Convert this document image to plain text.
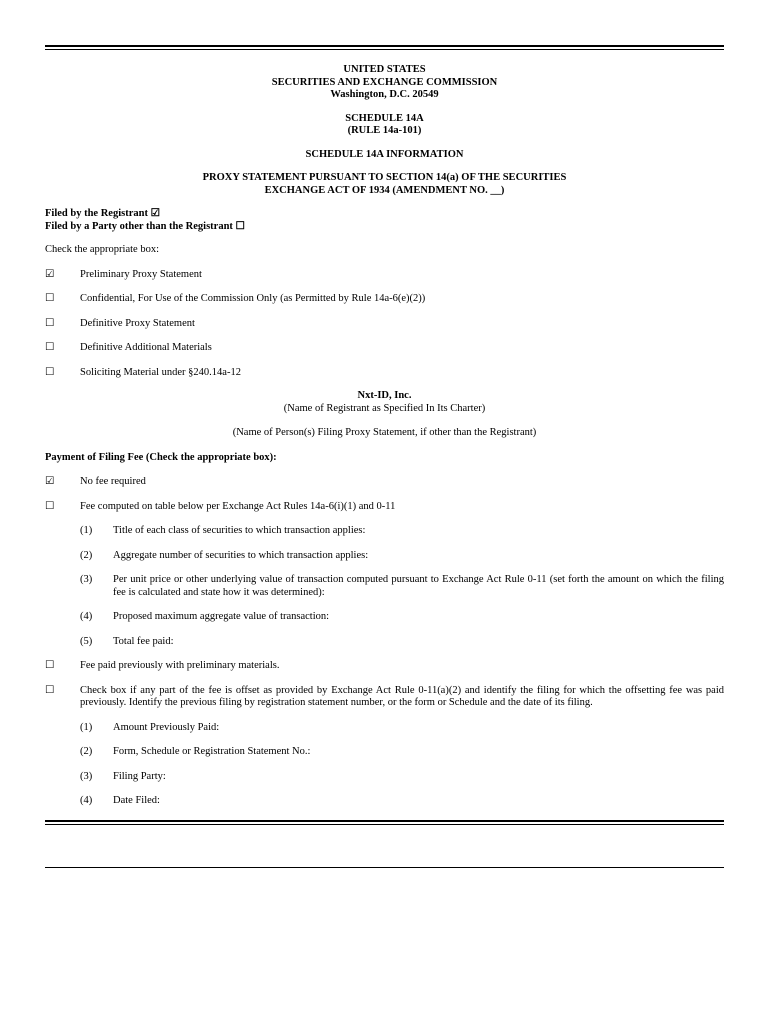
UNITED STATES
SECURITIES AND EXCHANGE COMMISSION
Washington, D.C. 20549
SCHEDULE 14A
(RULE 14a-101)
SCHEDULE 14A INFORMATION
PROXY STATEMENT PURSUANT TO SECTION 14(a) OF THE SECURITIES
EXCHANGE ACT OF 1934 (AMENDMENT NO. __)
Filed by the Registrant ☑
Filed by a Party other than the Registrant ☐
Check the appropriate box:
☑	Preliminary Proxy Statement
☐	Confidential, For Use of the Commission Only (as Permitted by Rule 14a-6(e)(2))
☐	Definitive Proxy Statement
☐	Definitive Additional Materials
☐	Soliciting Material under §240.14a-12
Nxt-ID, Inc.
(Name of Registrant as Specified In Its Charter)
(Name of Person(s) Filing Proxy Statement, if other than the Registrant)
Payment of Filing Fee (Check the appropriate box):
☑	No fee required
☐	Fee computed on table below per Exchange Act Rules 14a-6(i)(1) and 0-11
(1) Title of each class of securities to which transaction applies:
(2) Aggregate number of securities to which transaction applies:
(3) Per unit price or other underlying value of transaction computed pursuant to Exchange Act Rule 0-11 (set forth the amount on which the filing fee is calculated and state how it was determined):
(4) Proposed maximum aggregate value of transaction:
(5) Total fee paid:
☐	Fee paid previously with preliminary materials.
☐	Check box if any part of the fee is offset as provided by Exchange Act Rule 0-11(a)(2) and identify the filing for which the offsetting fee was paid previously. Identify the previous filing by registration statement number, or the form or Schedule and the date of its filing.
(1) Amount Previously Paid:
(2) Form, Schedule or Registration Statement No.:
(3) Filing Party:
(4) Date Filed:
